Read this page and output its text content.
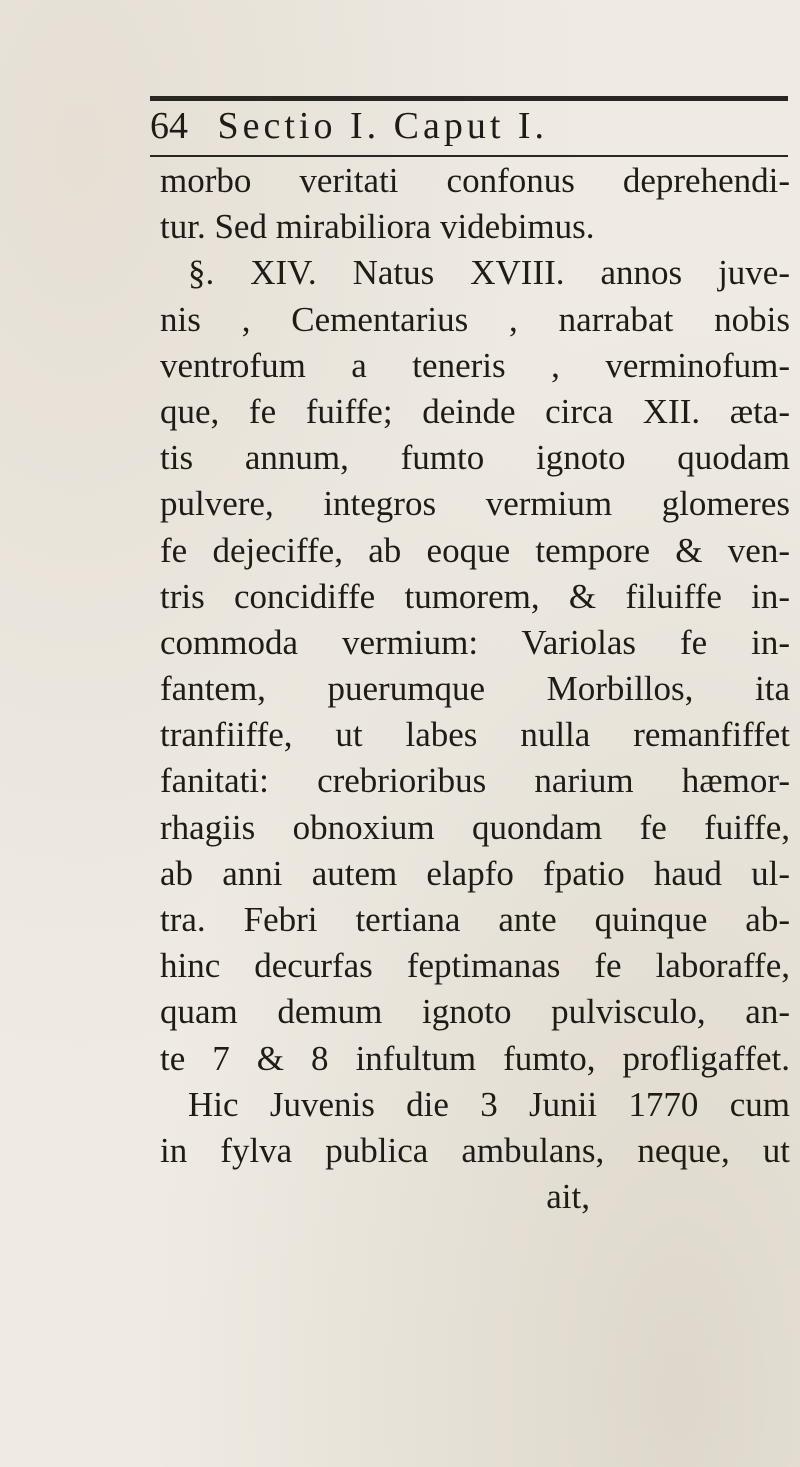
64 Sectio I. Caput I.
morbo veritati confonus deprehendi-
tur. Sed mirabiliora videbimus.
§. XIV. Natus XVIII. annos juve-
nis , Cementarius , narrabat nobis
ventrofum a teneris , verminofum-
que, fe fuiffe; deinde circa XII. æta-
tis annum, fumto ignoto quodam
pulvere, integros vermium glomeres
fe dejeciffe, ab eoque tempore & ven-
tris concidiffe tumorem, & filuiffe in-
commoda vermium: Variolas fe in-
fantem, puerumque Morbillos, ita
tranfiiffe, ut labes nulla remanfiffet
fanitati: crebrioribus narium hæmor-
rhagiis obnoxium quondam fe fuiffe,
ab anni autem elapfo fpatio haud ul-
tra. Febri tertiana ante quinque ab-
hinc decurfas feptimanas fe laboraffe,
quam demum ignoto pulvisculo, an-
te 7 & 8 infultum fumto, profligaffet.
Hic Juvenis die 3 Junii 1770 cum
in fylva publica ambulans, neque, ut
ait,
